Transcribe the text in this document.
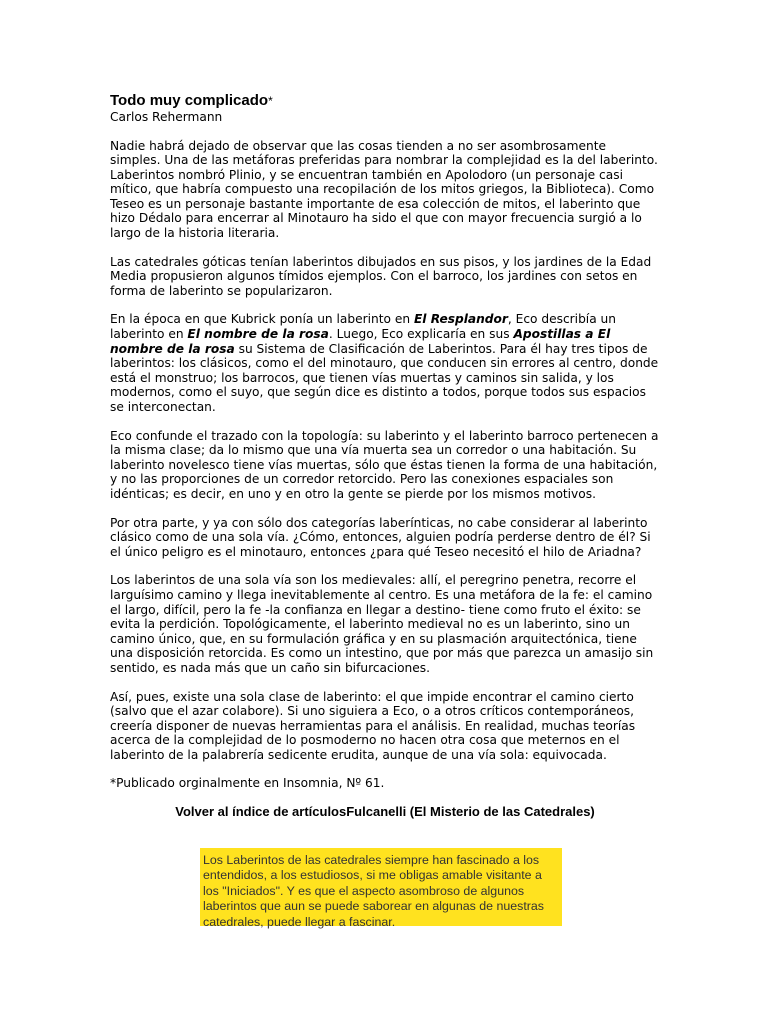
Todo muy complicado*
Carlos Rehermann

Nadie habrá dejado de observar que las cosas tienden a no ser asombrosamente simples. Una de las metáforas preferidas para nombrar la complejidad es la del laberinto.
Laberintos nombró Plinio, y se encuentran también en Apolodoro (un personaje casi mítico, que habría compuesto una recopilación de los mitos griegos, la Biblioteca). Como Teseo es un personaje bastante importante de esa colección de mitos, el laberinto que hizo Dédalo para encerrar al Minotauro ha sido el que con mayor frecuencia surgió a lo largo de la historia literaria.

Las catedrales góticas tenían laberintos dibujados en sus pisos, y los jardines de la Edad Media propusieron algunos tímidos ejemplos. Con el barroco, los jardines con setos en forma de laberinto se popularizaron.

En la época en que Kubrick ponía un laberinto en El Resplandor, Eco describía un laberinto en El nombre de la rosa. Luego, Eco explicaría en sus Apostillas a El nombre de la rosa su Sistema de Clasificación de Laberintos. Para él hay tres tipos de laberintos: los clásicos, como el del minotauro, que conducen sin errores al centro, donde está el monstruo; los barrocos, que tienen vías muertas y caminos sin salida, y los modernos, como el suyo, que según dice es distinto a todos, porque todos sus espacios se interconectan.

Eco confunde el trazado con la topología: su laberinto y el laberinto barroco pertenecen a la misma clase; da lo mismo que una vía muerta sea un corredor o una habitación. Su laberinto novelesco tiene vías muertas, sólo que éstas tienen la forma de una habitación, y no las proporciones de un corredor retorcido. Pero las conexiones espaciales son idénticas; es decir, en uno y en otro la gente se pierde por los mismos motivos.

Por otra parte, y ya con sólo dos categorías laberínticas, no cabe considerar al laberinto clásico como de una sola vía. ¿Cómo, entonces, alguien podría perderse dentro de él? Si el único peligro es el minotauro, entonces ¿para qué Teseo necesitó el hilo de Ariadna?

Los laberintos de una sola vía son los medievales: allí, el peregrino penetra, recorre el larguísimo camino y llega inevitablemente al centro. Es una metáfora de la fe: el camino el largo, difícil, pero la fe -la confianza en llegar a destino- tiene como fruto el éxito: se evita la perdición. Topológicamente, el laberinto medieval no es un laberinto, sino un camino único, que, en su formulación gráfica y en su plasmación arquitectónica, tiene una disposición retorcida. Es como un intestino, que por más que parezca un amasijo sin sentido, es nada más que un caño sin bifurcaciones.

Así, pues, existe una sola clase de laberinto: el que impide encontrar el camino cierto (salvo que el azar colabore). Si uno siguiera a Eco, o a otros críticos contemporáneos, creería disponer de nuevas herramientas para el análisis. En realidad, muchas teorías acerca de la complejidad de lo posmoderno no hacen otra cosa que meternos en el laberinto de la palabrería sedicente erudita, aunque de una vía sola: equivocada.

*Publicado orginalmente en Insomnia, Nº 61.

Volver al índice de artículosFulcanelli (El Misterio de las Catedrales)
Los Laberintos de las catedrales siempre han fascinado a los entendidos, a los estudiosos, si me obligas amable visitante a los "Iniciados". Y es que el aspecto asombroso de algunos laberintos que aun se puede saborear en algunas de nuestras catedrales, puede llegar a fascinar.
